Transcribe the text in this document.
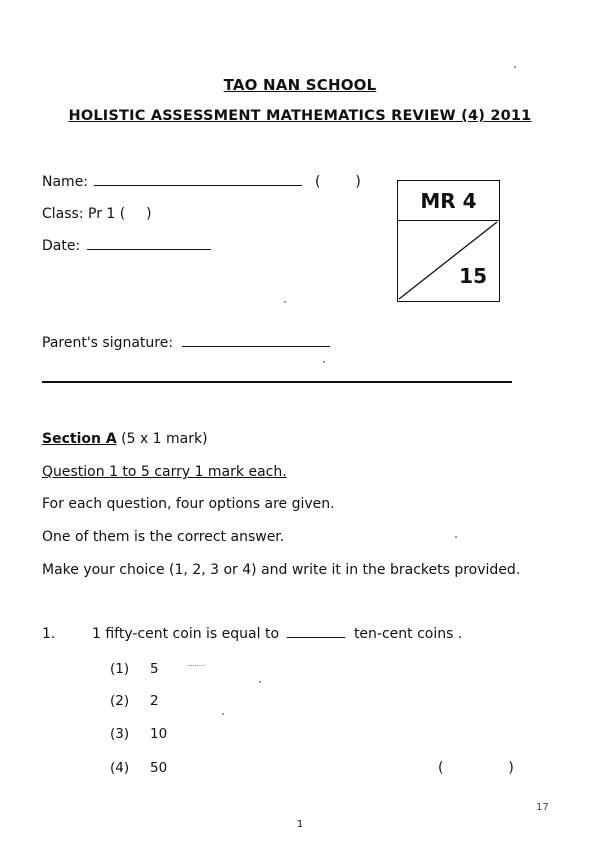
TAO NAN SCHOOL
HOLISTIC ASSESSMENT MATHEMATICS REVIEW (4) 2011
Name:	( )
Class: Pr 1 ( )
Date:
MR 4
15
Parent's signature:
Section A (5 x 1 mark)
Question 1 to 5 carry 1 mark each.
For each question, four options are given.
One of them is the correct answer.
Make your choice (1, 2, 3 or 4) and write it in the brackets provided.
1.	1 fifty-cent coin is equal to	ten-cent coins .
(1) 5
(2) 2
(3) 10
(4) 50	(	)
1
17
